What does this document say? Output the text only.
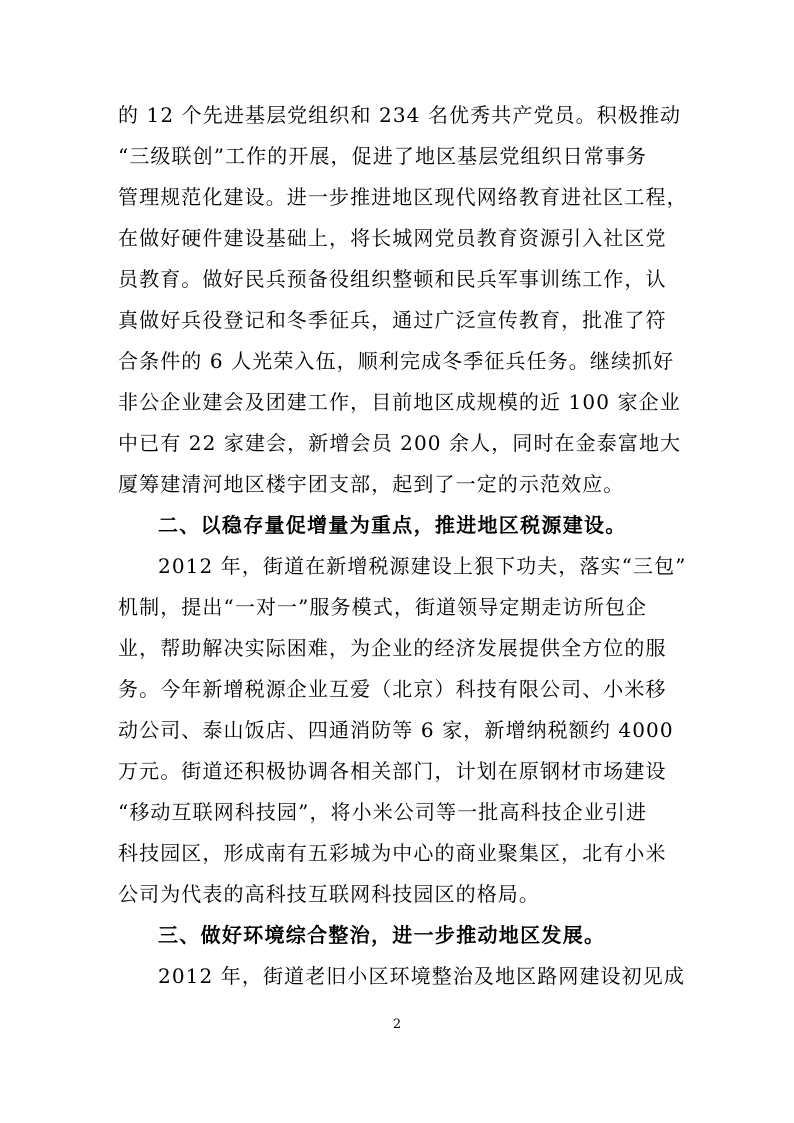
的 12 个先进基层党组织和 234 名优秀共产党员。积极推动
“三级联创”工作的开展，促进了地区基层党组织日常事务
管理规范化建设。进一步推进地区现代网络教育进社区工程，
在做好硬件建设基础上，将长城网党员教育资源引入社区党
员教育。做好民兵预备役组织整顿和民兵军事训练工作，认
真做好兵役登记和冬季征兵，通过广泛宣传教育，批准了符
合条件的 6 人光荣入伍，顺利完成冬季征兵任务。继续抓好
非公企业建会及团建工作，目前地区成规模的近 100 家企业
中已有 22 家建会，新增会员 200 余人，同时在金泰富地大
厦筹建清河地区楼宇团支部，起到了一定的示范效应。
二、以稳存量促增量为重点，推进地区税源建设。
2012 年，街道在新增税源建设上狠下功夫，落实“三包”
机制，提出“一对一”服务模式，街道领导定期走访所包企
业，帮助解决实际困难，为企业的经济发展提供全方位的服
务。今年新增税源企业互爱（北京）科技有限公司、小米移
动公司、泰山饭店、四通消防等 6 家，新增纳税额约 4000
万元。街道还积极协调各相关部门，计划在原钢材市场建设
“移动互联网科技园”，将小米公司等一批高科技企业引进
科技园区，形成南有五彩城为中心的商业聚集区，北有小米
公司为代表的高科技互联网科技园区的格局。
三、做好环境综合整治，进一步推动地区发展。
2012 年，街道老旧小区环境整治及地区路网建设初见成
2
